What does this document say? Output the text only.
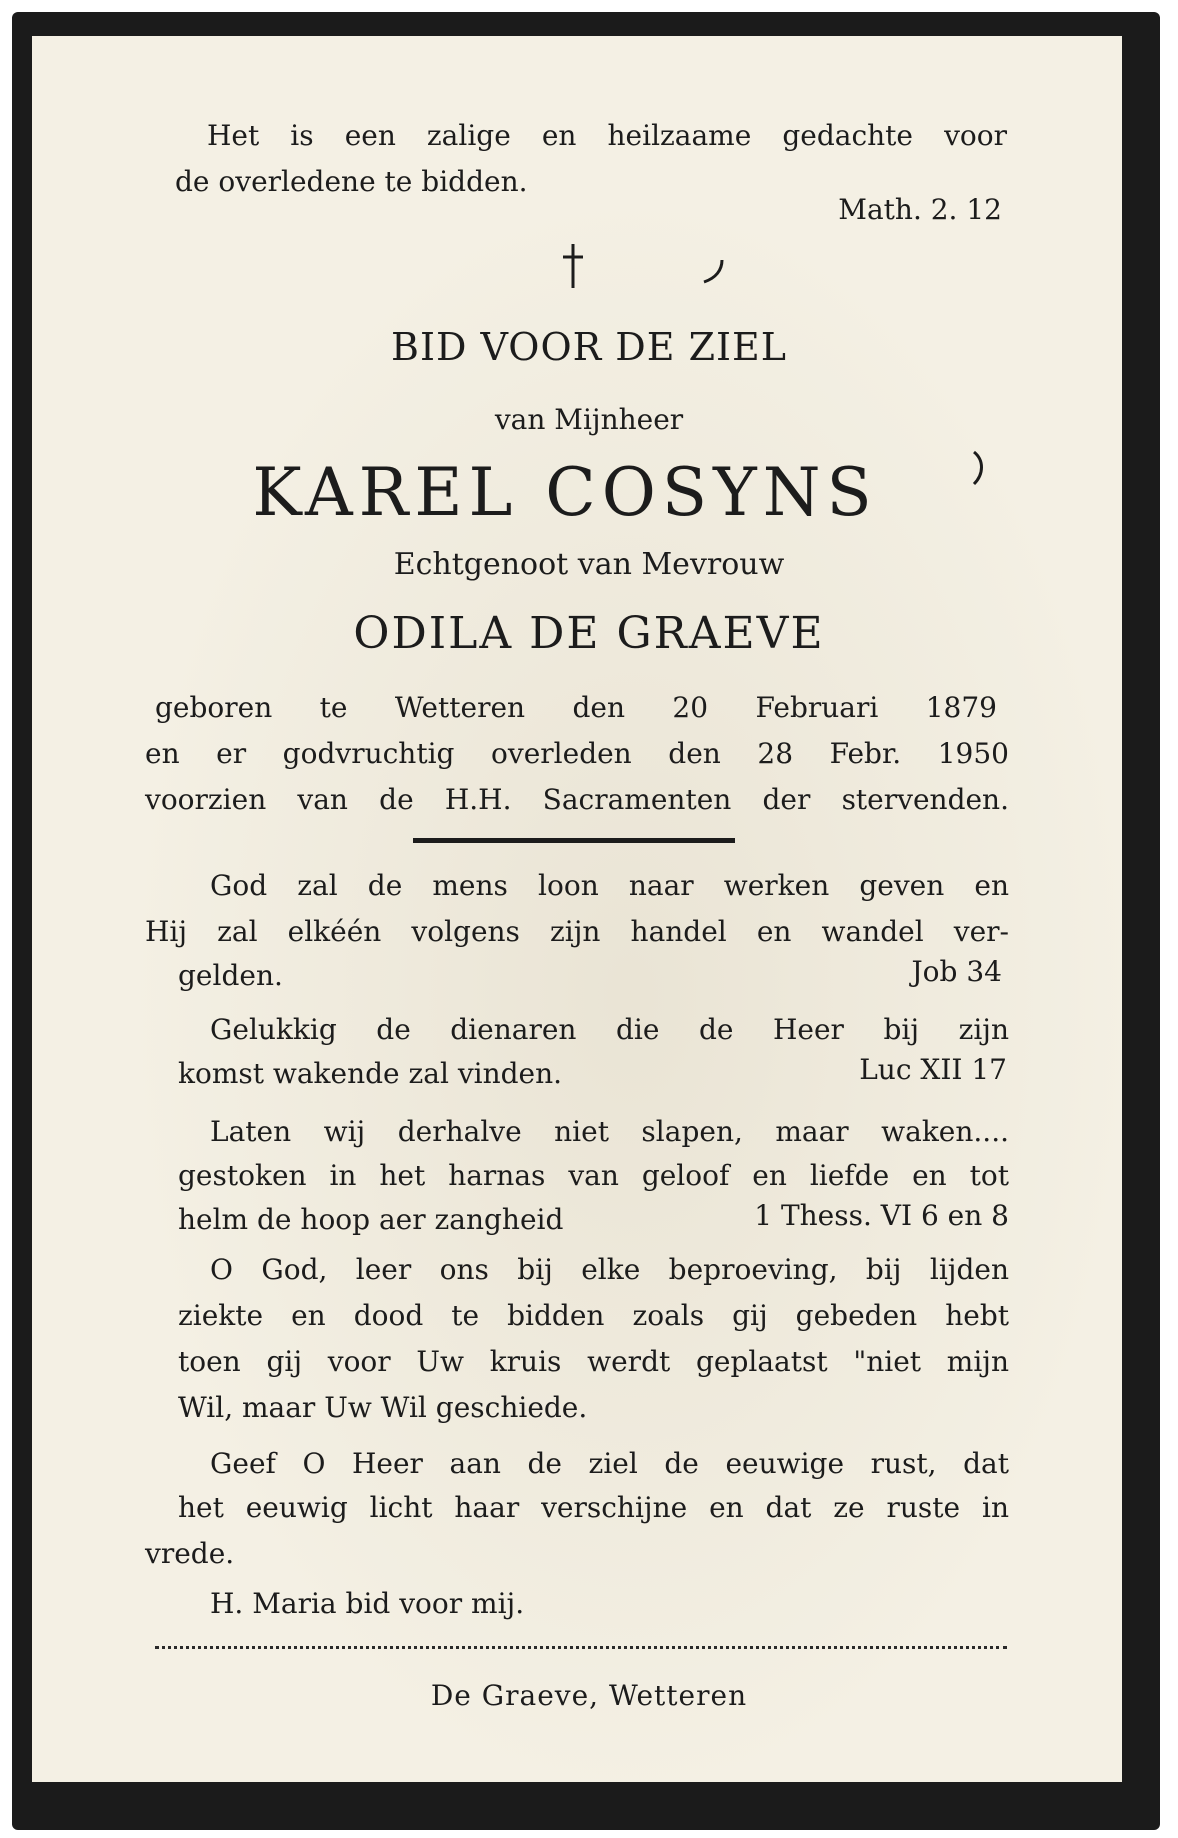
Het is een zalige en heilzaame gedachte voor

de overledene te bidden.

Math. 2. 12

BID VOOR DE ZIEL

van Mijnheer

KAREL COSYNS

Echtgenoot van Mevrouw

ODILA DE GRAEVE

geboren te Wetteren den 20 Februari 1879

en er godvruchtig overleden den 28 Febr. 1950

voorzien van de H.H. Sacramenten der stervenden.

God zal de mens loon naar werken geven en

Hij zal elkéén volgens zijn handel en wandel ver-

gelden.	Job 34

Gelukkig de dienaren die de Heer bij zijn

komst wakende zal vinden.	Luc XII 17

Laten wij derhalve niet slapen, maar waken....

gestoken in het harnas van geloof en liefde en tot

helm de hoop aer zangheid	1 Thess. VI 6 en 8

O God, leer ons bij elke beproeving, bij lijden

ziekte en dood te bidden zoals gij gebeden hebt

toen gij voor Uw kruis werdt geplaatst "niet mijn

Wil, maar Uw Wil geschiede.

Geef O Heer aan de ziel de eeuwige rust, dat

het eeuwig licht haar verschijne en dat ze ruste in

vrede.

H. Maria bid voor mij.

De Graeve, Wetteren
